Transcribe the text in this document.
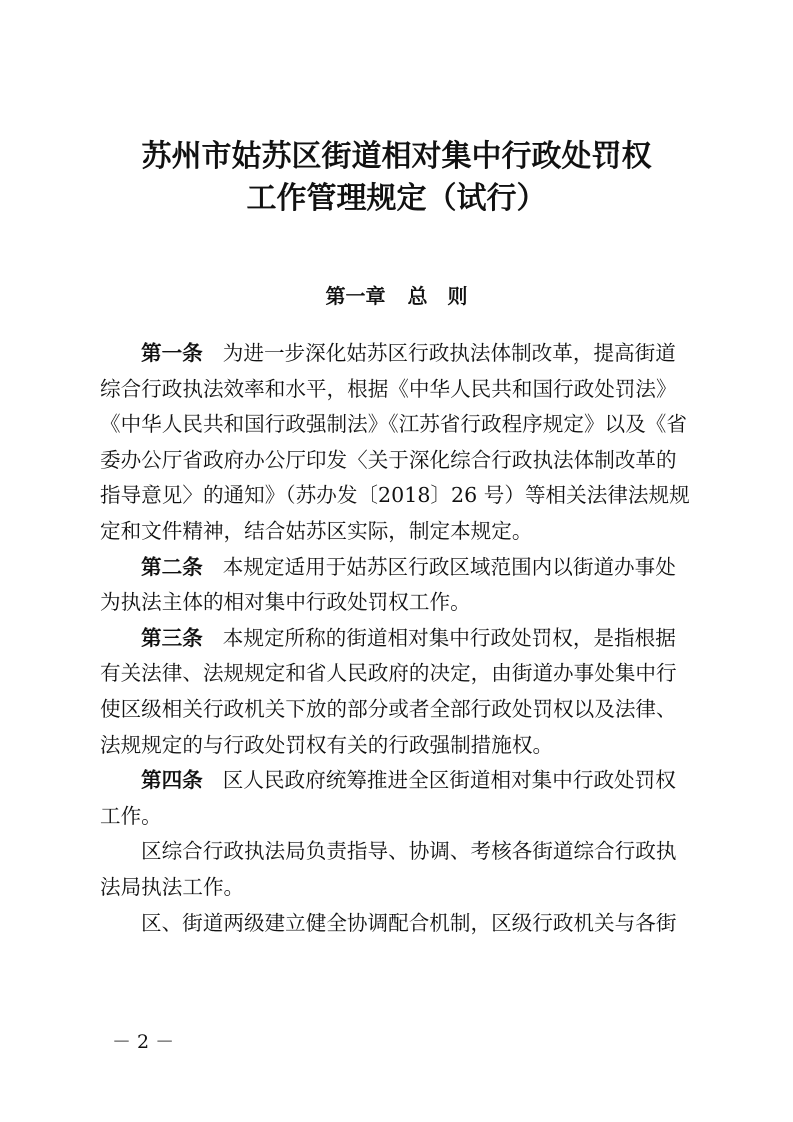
苏州市姑苏区街道相对集中行政处罚权
工作管理规定（试行）
第一章 总　则

第一条 为进一步深化姑苏区行政执法体制改革，提高街道
综合行政执法效率和水平，根据《中华人民共和国行政处罚法》
《中华人民共和国行政强制法》《江苏省行政程序规定》以及《省
委办公厅省政府办公厅印发〈关于深化综合行政执法体制改革的
指导意见〉的通知》（苏办发〔2018〕26 号）等相关法律法规规
定和文件精神，结合姑苏区实际，制定本规定。

第二条 本规定适用于姑苏区行政区域范围内以街道办事处
为执法主体的相对集中行政处罚权工作。

第三条 本规定所称的街道相对集中行政处罚权，是指根据
有关法律、法规规定和省人民政府的决定，由街道办事处集中行
使区级相关行政机关下放的部分或者全部行政处罚权以及法律、
法规规定的与行政处罚权有关的行政强制措施权。

第四条 区人民政府统筹推进全区街道相对集中行政处罚权
工作。

区综合行政执法局负责指导、协调、考核各街道综合行政执
法局执法工作。

区、街道两级建立健全协调配合机制，区级行政机关与各街

－ 2 －
